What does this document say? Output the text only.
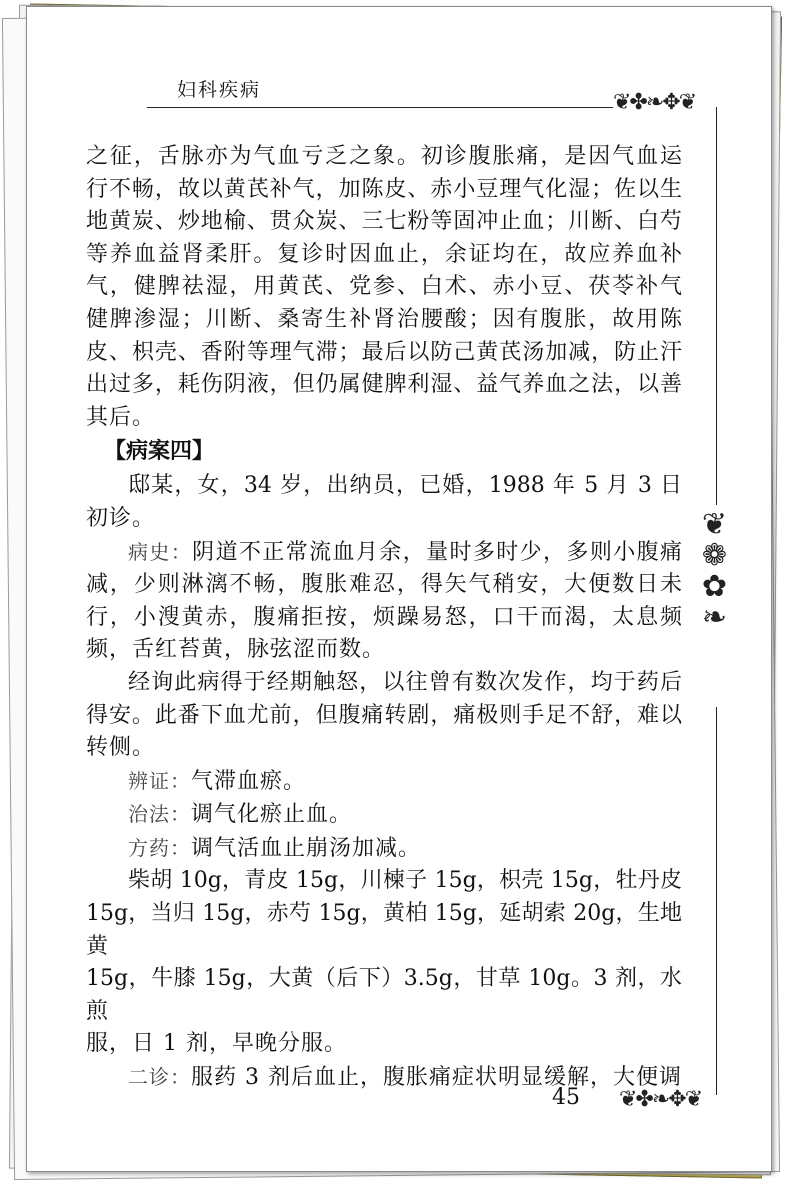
妇科疾病	❦✤❧✥❦
❦❁✿❧
45 ❦✤❧✥❦
之征，舌脉亦为气血亏乏之象。初诊腹胀痛，是因气血运
行不畅，故以黄芪补气，加陈皮、赤小豆理气化湿；佐以生
地黄炭、炒地榆、贯众炭、三七粉等固冲止血；川断、白芍
等养血益肾柔肝。复诊时因血止，余证均在，故应养血补
气，健脾祛湿，用黄芪、党参、白术、赤小豆、茯苓补气
健脾渗湿；川断、桑寄生补肾治腰酸；因有腹胀，故用陈
皮、枳壳、香附等理气滞；最后以防己黄芪汤加减，防止汗
出过多，耗伤阴液，但仍属健脾利湿、益气养血之法，以善
其后。
【病案四】
邸某，女，34 岁，出纳员，已婚，1988 年 5 月 3 日
初诊。
病史：阴道不正常流血月余，量时多时少，多则小腹痛
减，少则淋漓不畅，腹胀难忍，得矢气稍安，大便数日未
行，小溲黄赤，腹痛拒按，烦躁易怒，口干而渴，太息频
频，舌红苔黄，脉弦涩而数。
经询此病得于经期触怒，以往曾有数次发作，均于药后
得安。此番下血尤前，但腹痛转剧，痛极则手足不舒，难以
转侧。
辨证：气滞血瘀。
治法：调气化瘀止血。
方药：调气活血止崩汤加减。
柴胡 10g，青皮 15g，川楝子 15g，枳壳 15g，牡丹皮
15g，当归 15g，赤芍 15g，黄柏 15g，延胡索 20g，生地黄
15g，牛膝 15g，大黄（后下）3.5g，甘草 10g。3 剂，水煎
服，日 1 剂，早晚分服。
二诊：服药 3 剂后血止，腹胀痛症状明显缓解，大便调
